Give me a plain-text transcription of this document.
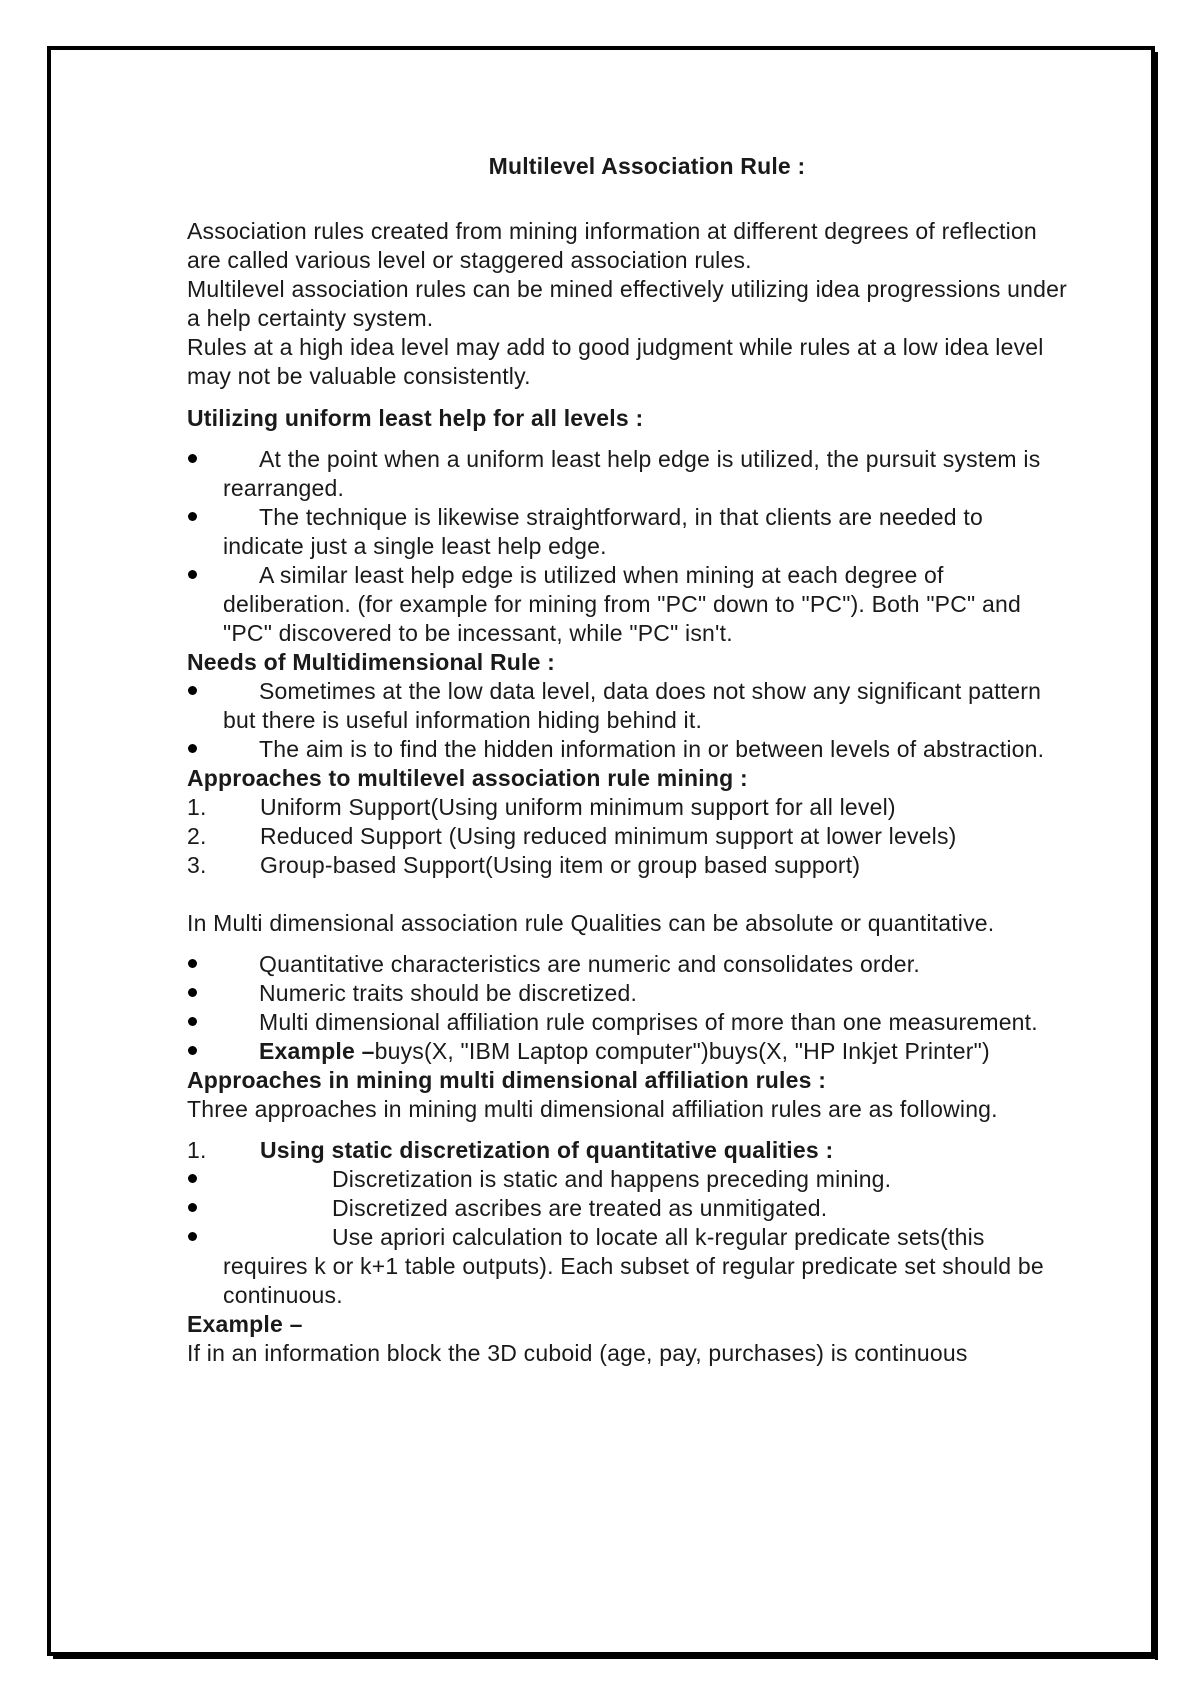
Multilevel Association Rule :

Association rules created from mining information at different degrees of reflection are called various level or staggered association rules.

Multilevel association rules can be mined effectively utilizing idea progressions under a help certainty system.

Rules at a high idea level may add to good judgment while rules at a low idea level may not be valuable consistently.

Utilizing uniform least help for all levels :

At the point when a uniform least help edge is utilized, the pursuit system is rearranged.
The technique is likewise straightforward, in that clients are needed to indicate just a single least help edge.
A similar least help edge is utilized when mining at each degree of deliberation. (for example for mining from "PC" down to "PC"). Both "PC" and "PC" discovered to be incessant, while "PC" isn't.

Needs of Multidimensional Rule :

Sometimes at the low data level, data does not show any significant pattern but there is useful information hiding behind it.
The aim is to find the hidden information in or between levels of abstraction.

Approaches to multilevel association rule mining :

1. Uniform Support(Using uniform minimum support for all level)
2. Reduced Support (Using reduced minimum support at lower levels)
3. Group-based Support(Using item or group based support)

In Multi dimensional association rule Qualities can be absolute or quantitative.

Quantitative characteristics are numeric and consolidates order.
Numeric traits should be discretized.
Multi dimensional affiliation rule comprises of more than one measurement.
Example –buys(X, "IBM Laptop computer")buys(X, "HP Inkjet Printer")

Approaches in mining multi dimensional affiliation rules :

Three approaches in mining multi dimensional affiliation rules are as following.

1. Using static discretization of quantitative qualities :
Discretization is static and happens preceding mining.
Discretized ascribes are treated as unmitigated.
Use apriori calculation to locate all k-regular predicate sets(this requires k or k+1 table outputs). Each subset of regular predicate set should be continuous.

Example –

If in an information block the 3D cuboid (age, pay, purchases) is continuous
